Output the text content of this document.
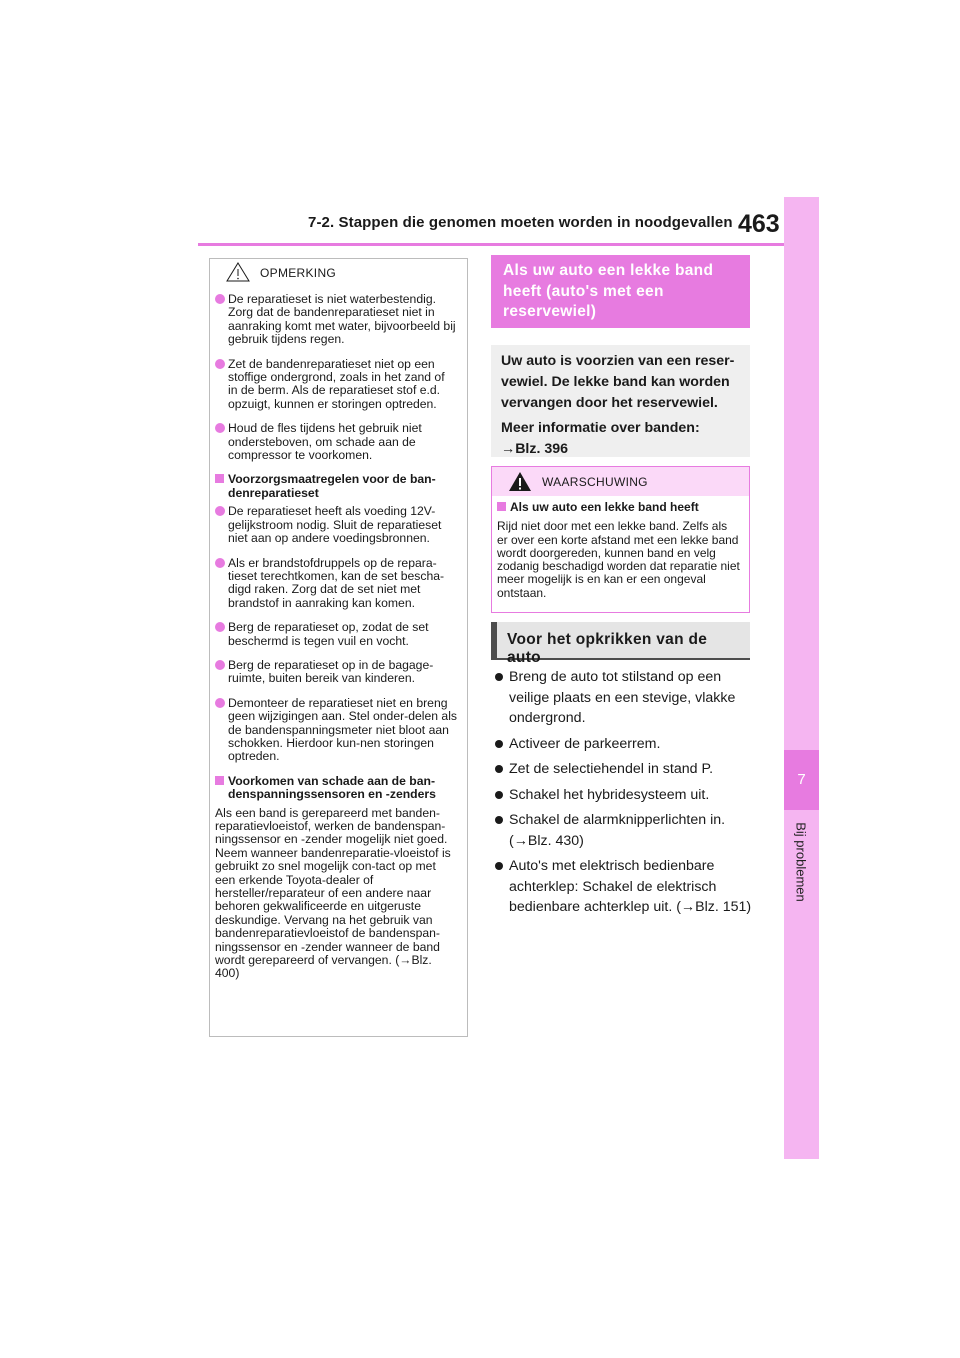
7-2. Stappen die genomen moeten worden in noodgevallen 463
7
Bij problemen
OPMERKING
De reparatieset is niet waterbestendig. Zorg dat de bandenreparatieset niet in aanraking komt met water, bijvoorbeeld bij gebruik tijdens regen.
Zet de bandenreparatieset niet op een stoffige ondergrond, zoals in het zand of in de berm. Als de reparatieset stof e.d. opzuigt, kunnen er storingen optreden.
Houd de fles tijdens het gebruik niet ondersteboven, om schade aan de compressor te voorkomen.
Voorzorgsmaatregelen voor de ban-denreparatieset
De reparatieset heeft als voeding 12V-gelijkstroom nodig. Sluit de reparatieset niet aan op andere voedingsbronnen.
Als er brandstofdruppels op de repara-tieset terechtkomen, kan de set bescha-digd raken. Zorg dat de set niet met brandstof in aanraking kan komen.
Berg de reparatieset op, zodat de set beschermd is tegen vuil en vocht.
Berg de reparatieset op in de bagage-ruimte, buiten bereik van kinderen.
Demonteer de reparatieset niet en breng geen wijzigingen aan. Stel onder-delen als de bandenspanningsmeter niet bloot aan schokken. Hierdoor kun-nen storingen optreden.
Voorkomen van schade aan de ban-denspanningssensoren en -zenders

Als een band is gerepareerd met banden-reparatievloeistof, werken de bandenspan-ningssensor en -zender mogelijk niet goed. Neem wanneer bandenreparatie-vloeistof is gebruikt zo snel mogelijk con-tact op met een erkende Toyota-dealer of hersteller/reparateur of een andere naar behoren gekwalificeerde en uitgeruste deskundige. Vervang na het gebruik van bandenreparatievloeistof de bandenspan-ningssensor en -zender wanneer de band wordt gerepareerd of vervangen. (→Blz. 400)

Als uw auto een lekke band heeft (auto's met een reservewiel)

Uw auto is voorzien van een reser-vewiel. De lekke band kan worden vervangen door het reservewiel.

Meer informatie over banden: →Blz. 396

WAARSCHUWING
Als uw auto een lekke band heeft

Rijd niet door met een lekke band. Zelfs als er over een korte afstand met een lekke band wordt doorgereden, kunnen band en velg zodanig beschadigd worden dat reparatie niet meer mogelijk is en kan er een ongeval ontstaan.

Voor het opkrikken van de auto
Breng de auto tot stilstand op een veilige plaats en een stevige, vlakke ondergrond.
Activeer de parkeerrem.
Zet de selectiehendel in stand P.
Schakel het hybridesysteem uit.
Schakel de alarmknipperlichten in. (→Blz. 430)
Auto's met elektrisch bedienbare achterklep: Schakel de elektrisch bedienbare achterklep uit. (→Blz. 151)
